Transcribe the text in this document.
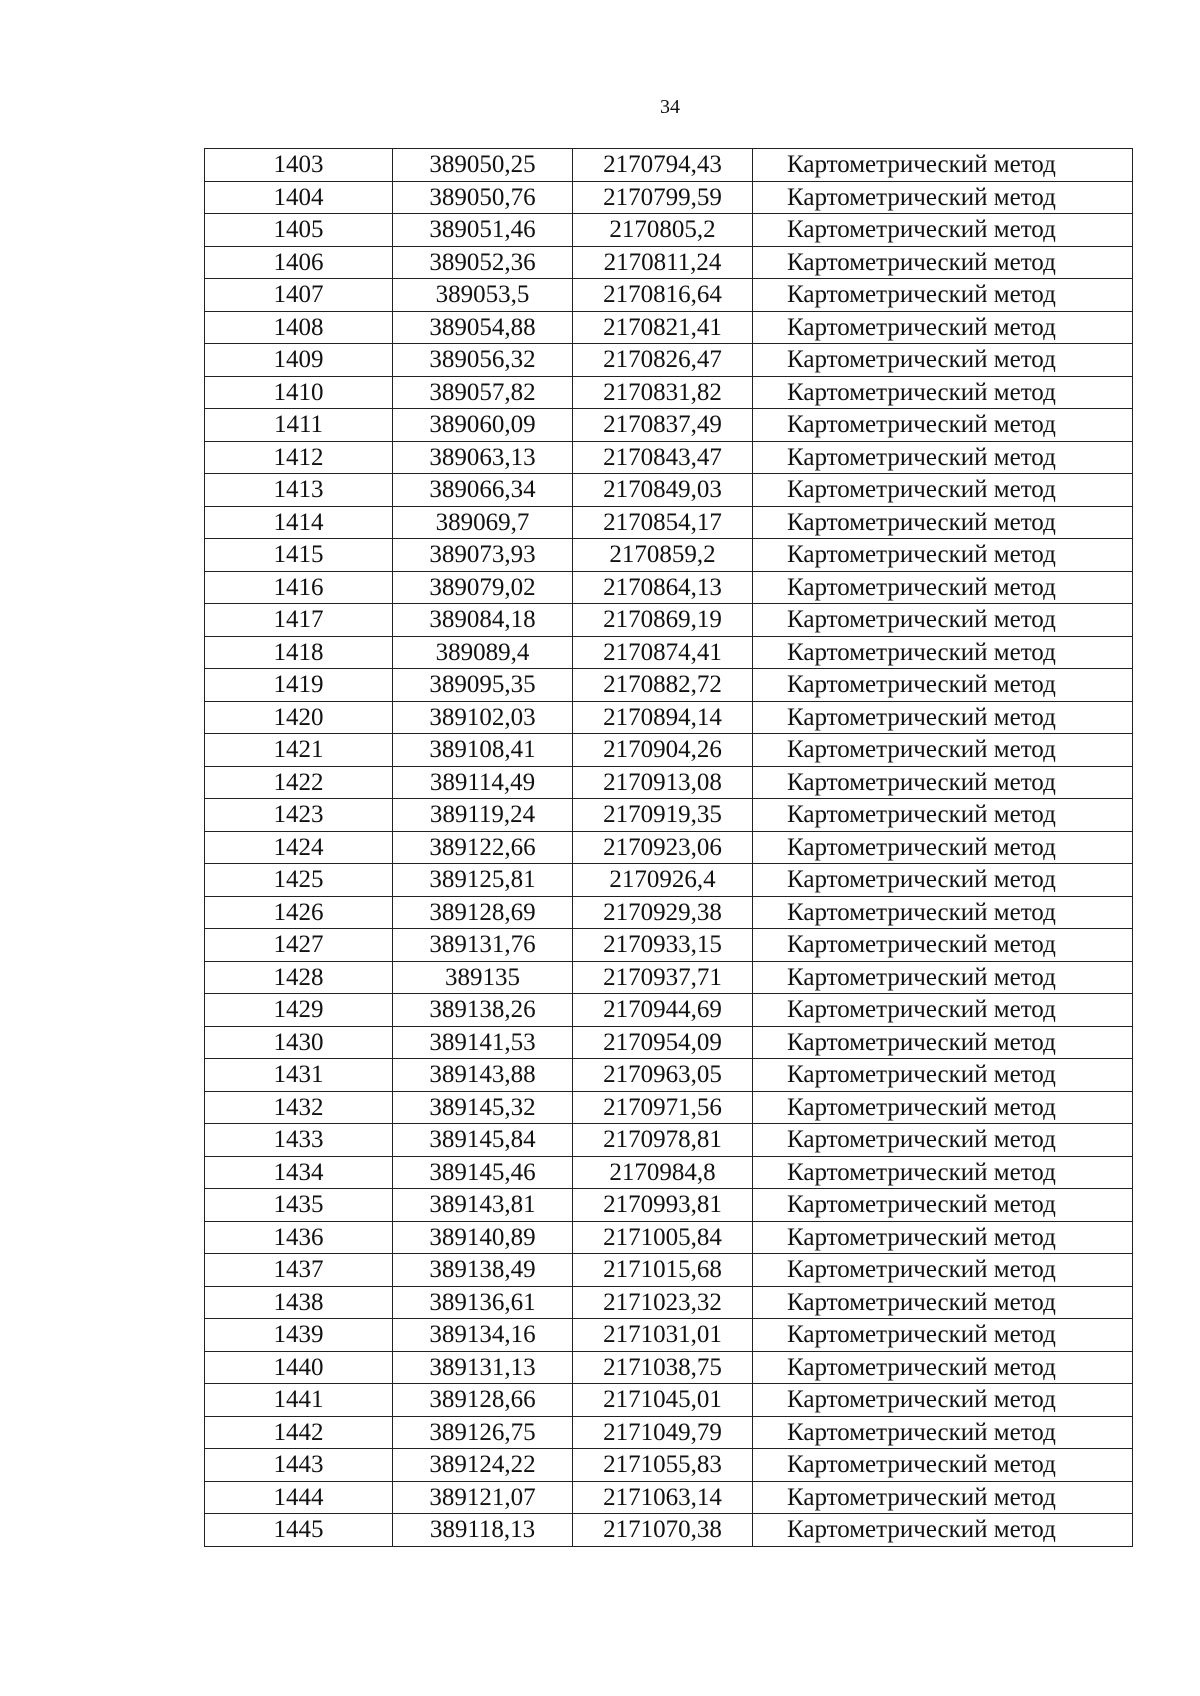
34
1403	389050,25	2170794,43	Картометрический метод
1404	389050,76	2170799,59	Картометрический метод
1405	389051,46	2170805,2	Картометрический метод
1406	389052,36	2170811,24	Картометрический метод
1407	389053,5	2170816,64	Картометрический метод
1408	389054,88	2170821,41	Картометрический метод
1409	389056,32	2170826,47	Картометрический метод
1410	389057,82	2170831,82	Картометрический метод
1411	389060,09	2170837,49	Картометрический метод
1412	389063,13	2170843,47	Картометрический метод
1413	389066,34	2170849,03	Картометрический метод
1414	389069,7	2170854,17	Картометрический метод
1415	389073,93	2170859,2	Картометрический метод
1416	389079,02	2170864,13	Картометрический метод
1417	389084,18	2170869,19	Картометрический метод
1418	389089,4	2170874,41	Картометрический метод
1419	389095,35	2170882,72	Картометрический метод
1420	389102,03	2170894,14	Картометрический метод
1421	389108,41	2170904,26	Картометрический метод
1422	389114,49	2170913,08	Картометрический метод
1423	389119,24	2170919,35	Картометрический метод
1424	389122,66	2170923,06	Картометрический метод
1425	389125,81	2170926,4	Картометрический метод
1426	389128,69	2170929,38	Картометрический метод
1427	389131,76	2170933,15	Картометрический метод
1428	389135	2170937,71	Картометрический метод
1429	389138,26	2170944,69	Картометрический метод
1430	389141,53	2170954,09	Картометрический метод
1431	389143,88	2170963,05	Картометрический метод
1432	389145,32	2170971,56	Картометрический метод
1433	389145,84	2170978,81	Картометрический метод
1434	389145,46	2170984,8	Картометрический метод
1435	389143,81	2170993,81	Картометрический метод
1436	389140,89	2171005,84	Картометрический метод
1437	389138,49	2171015,68	Картометрический метод
1438	389136,61	2171023,32	Картометрический метод
1439	389134,16	2171031,01	Картометрический метод
1440	389131,13	2171038,75	Картометрический метод
1441	389128,66	2171045,01	Картометрический метод
1442	389126,75	2171049,79	Картометрический метод
1443	389124,22	2171055,83	Картометрический метод
1444	389121,07	2171063,14	Картометрический метод
1445	389118,13	2171070,38	Картометрический метод
